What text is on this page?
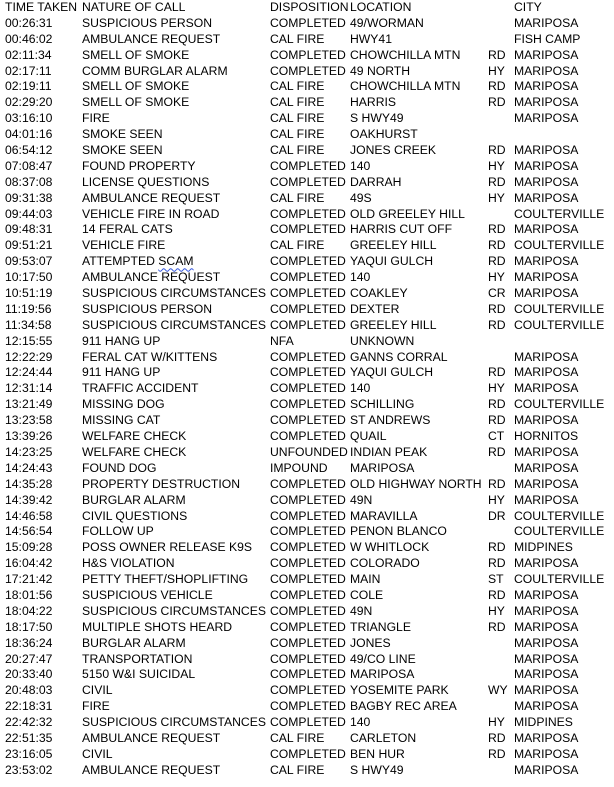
TIME TAKEN NATURE OF CALL	DISPOSITION LOCATION	CITY
00:26:31 SUSPICIOUS PERSON	COMPLETED 49/WORMAN	MARIPOSA
00:46:02 AMBULANCE REQUEST	CAL FIRE HWY41	FISH CAMP
02:11:34 SMELL OF SMOKE	COMPLETED CHOWCHILLA MTN RD MARIPOSA
02:17:11 COMM BURGLAR ALARM	COMPLETED 49 NORTH	HY MARIPOSA
02:19:11 SMELL OF SMOKE	CAL FIRE CHOWCHILLA MTN RD MARIPOSA
02:29:20 SMELL OF SMOKE	CAL FIRE HARRIS	RD MARIPOSA
03:16:10 FIRE	CAL FIRE S HWY49	MARIPOSA
04:01:16 SMOKE SEEN	CAL FIRE OAKHURST
06:54:12 SMOKE SEEN	CAL FIRE JONES CREEK	RD MARIPOSA
07:08:47 FOUND PROPERTY	COMPLETED 140	HY MARIPOSA
08:37:08 LICENSE QUESTIONS	COMPLETED DARRAH	RD MARIPOSA
09:31:38 AMBULANCE REQUEST	CAL FIRE 49S	HY MARIPOSA
09:44:03 VEHICLE FIRE IN ROAD	COMPLETED OLD GREELEY HILL	COULTERVILLE
09:48:31 14 FERAL CATS	COMPLETED HARRIS CUT OFF	RD MARIPOSA
09:51:21 VEHICLE FIRE	CAL FIRE GREELEY HILL	RD COULTERVILLE
09:53:07 ATTEMPTED SCAM	COMPLETED YAQUI GULCH	RD MARIPOSA
10:17:50 AMBULANCE REQUEST	COMPLETED 140	HY MARIPOSA
10:51:19 SUSPICIOUS CIRCUMSTANCES COMPLETED COAKLEY	CR MARIPOSA
11:19:56 SUSPICIOUS PERSON	COMPLETED DEXTER	RD COULTERVILLE
11:34:58 SUSPICIOUS CIRCUMSTANCES COMPLETED GREELEY HILL	RD COULTERVILLE
12:15:55 911 HANG UP	NFA	UNKNOWN
12:22:29 FERAL CAT W/KITTENS	COMPLETED GANNS CORRAL	MARIPOSA
12:24:44 911 HANG UP	COMPLETED YAQUI GULCH	RD MARIPOSA
12:31:14 TRAFFIC ACCIDENT	COMPLETED 140	HY MARIPOSA
13:21:49 MISSING DOG	COMPLETED SCHILLING	RD COULTERVILLE
13:23:58 MISSING CAT	COMPLETED ST ANDREWS	RD MARIPOSA
13:39:26 WELFARE CHECK	COMPLETED QUAIL	CT HORNITOS
14:23:25 WELFARE CHECK	UNFOUNDED INDIAN PEAK	RD MARIPOSA
14:24:43 FOUND DOG	IMPOUND MARIPOSA	MARIPOSA
14:35:28 PROPERTY DESTRUCTION COMPLETED OLD HIGHWAY NORTH RD MARIPOSA
14:39:42 BURGLAR ALARM	COMPLETED 49N	HY MARIPOSA
14:46:58 CIVIL QUESTIONS	COMPLETED MARAVILLA	DR COULTERVILLE
14:56:54 FOLLOW UP	COMPLETED PENON BLANCO	COULTERVILLE
15:09:28 POSS OWNER RELEASE K9S COMPLETED W WHITLOCK	RD MIDPINES
16:04:42 H&S VIOLATION	COMPLETED COLORADO	RD MARIPOSA
17:21:42 PETTY THEFT/SHOPLIFTING COMPLETED MAIN	ST COULTERVILLE
18:01:56 SUSPICIOUS VEHICLE	COMPLETED COLE	RD MARIPOSA
18:04:22 SUSPICIOUS CIRCUMSTANCES COMPLETED 49N	HY MARIPOSA
18:17:50 MULTIPLE SHOTS HEARD	COMPLETED TRIANGLE	RD MARIPOSA
18:36:24 BURGLAR ALARM	COMPLETED JONES	MARIPOSA
20:27:47 TRANSPORTATION	COMPLETED 49/CO LINE	MARIPOSA
20:33:40 5150 W&I SUICIDAL	COMPLETED MARIPOSA	MARIPOSA
20:48:03 CIVIL	COMPLETED YOSEMITE PARK	WY MARIPOSA
22:18:31 FIRE	COMPLETED BAGBY REC AREA	MARIPOSA
22:42:32 SUSPICIOUS CIRCUMSTANCES COMPLETED 140	HY MIDPINES
22:51:35 AMBULANCE REQUEST	CAL FIRE CARLETON	RD MARIPOSA
23:16:05 CIVIL	COMPLETED BEN HUR	RD MARIPOSA
23:53:02 AMBULANCE REQUEST	CAL FIRE S HWY49	MARIPOSA
